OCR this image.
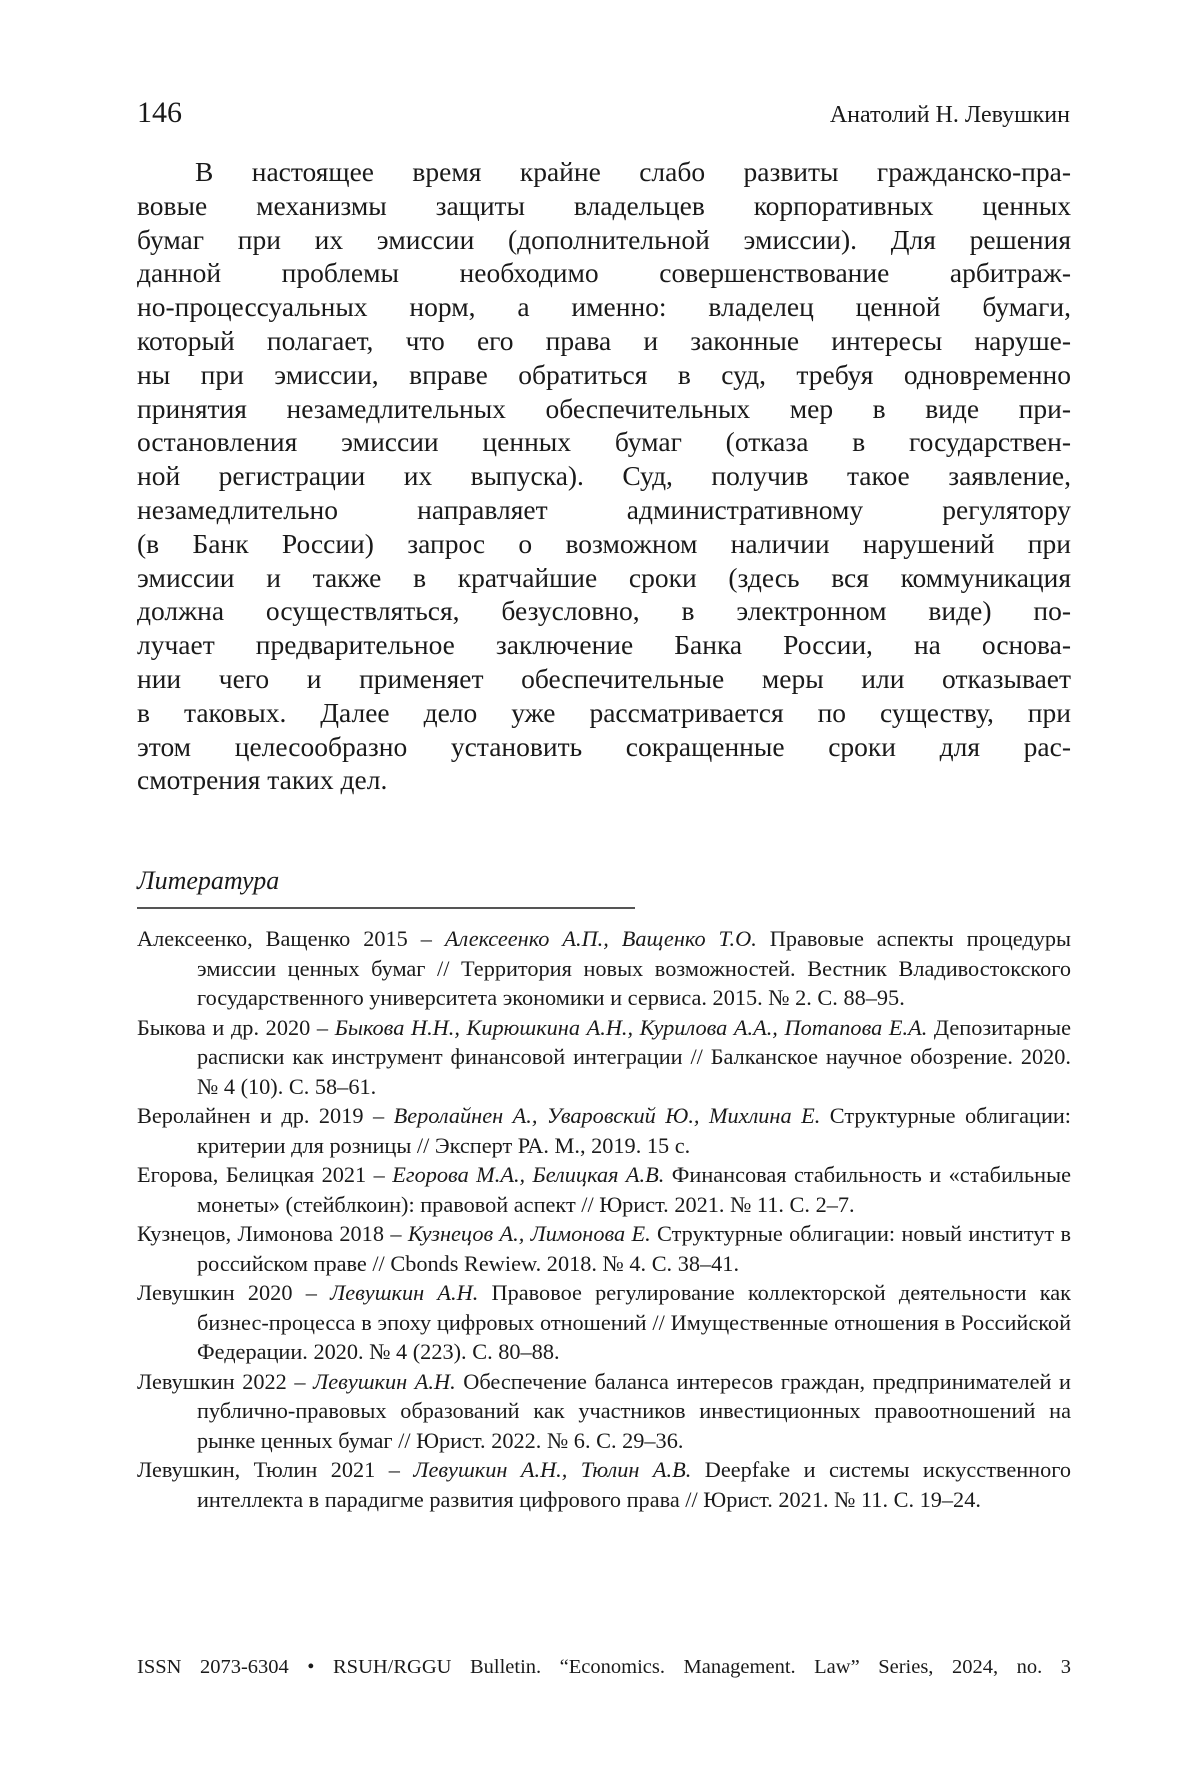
146	Анатолий Н. Левушкин
В настоящее время крайне слабо развиты гражданско-пра-
вовые механизмы защиты владельцев корпоративных ценных
бумаг при их эмиссии (дополнительной эмиссии). Для решения
данной проблемы необходимо совершенствование арбитраж-
но-процессуальных норм, а именно: владелец ценной бумаги,
который полагает, что его права и законные интересы наруше-
ны при эмиссии, вправе обратиться в суд, требуя одновременно
принятия незамедлительных обеспечительных мер в виде при-
остановления эмиссии ценных бумаг (отказа в государствен-
ной регистрации их выпуска). Суд, получив такое заявление,
незамедлительно направляет административному регулятору
(в Банк России) запрос о возможном наличии нарушений при
эмиссии и также в кратчайшие сроки (здесь вся коммуникация
должна осуществляться, безусловно, в электронном виде) по-
лучает предварительное заключение Банка России, на основа-
нии чего и применяет обеспечительные меры или отказывает
в таковых. Далее дело уже рассматривается по существу, при
этом целесообразно установить сокращенные сроки для рас-
смотрения таких дел.
Литература
Алексеенко, Ващенко 2015 – Алексеенко А.П., Ващенко Т.О. Правовые аспекты процедуры эмиссии ценных бумаг // Территория новых возможностей. Вестник Владивостокского государственного университета экономики и сервиса. 2015. № 2. С. 88–95.
Быкова и др. 2020 – Быкова Н.Н., Кирюшкина А.Н., Курилова А.А., Потапова Е.А. Депозитарные расписки как инструмент финансовой интеграции // Балканское научное обозрение. 2020. № 4 (10). С. 58–61.
Веролайнен и др. 2019 – Веролайнен А., Уваровский Ю., Михлина Е. Структурные облигации: критерии для розницы // Эксперт РА. М., 2019. 15 с.
Егорова, Белицкая 2021 – Егорова М.А., Белицкая А.В. Финансовая стабильность и «стабильные монеты» (стейблкоин): правовой аспект // Юрист. 2021. № 11. С. 2–7.
Кузнецов, Лимонова 2018 – Кузнецов А., Лимонова Е. Структурные облигации: новый институт в российском праве // Cbonds Rewiew. 2018. № 4. С. 38–41.
Левушкин 2020 – Левушкин А.Н. Правовое регулирование коллекторской деятельности как бизнес-процесса в эпоху цифровых отношений // Имущественные отношения в Российской Федерации. 2020. № 4 (223). С. 80–88.
Левушкин 2022 – Левушкин А.Н. Обеспечение баланса интересов граждан, предпринимателей и публично-правовых образований как участников инвестиционных правоотношений на рынке ценных бумаг // Юрист. 2022. № 6. С. 29–36.
Левушкин, Тюлин 2021 – Левушкин А.Н., Тюлин А.В. Deepfake и системы искусственного интеллекта в парадигме развития цифрового права // Юрист. 2021. № 11. С. 19–24.
ISSN 2073-6304 • RSUH/RGGU Bulletin. “Economics. Management. Law” Series, 2024, no. 3
